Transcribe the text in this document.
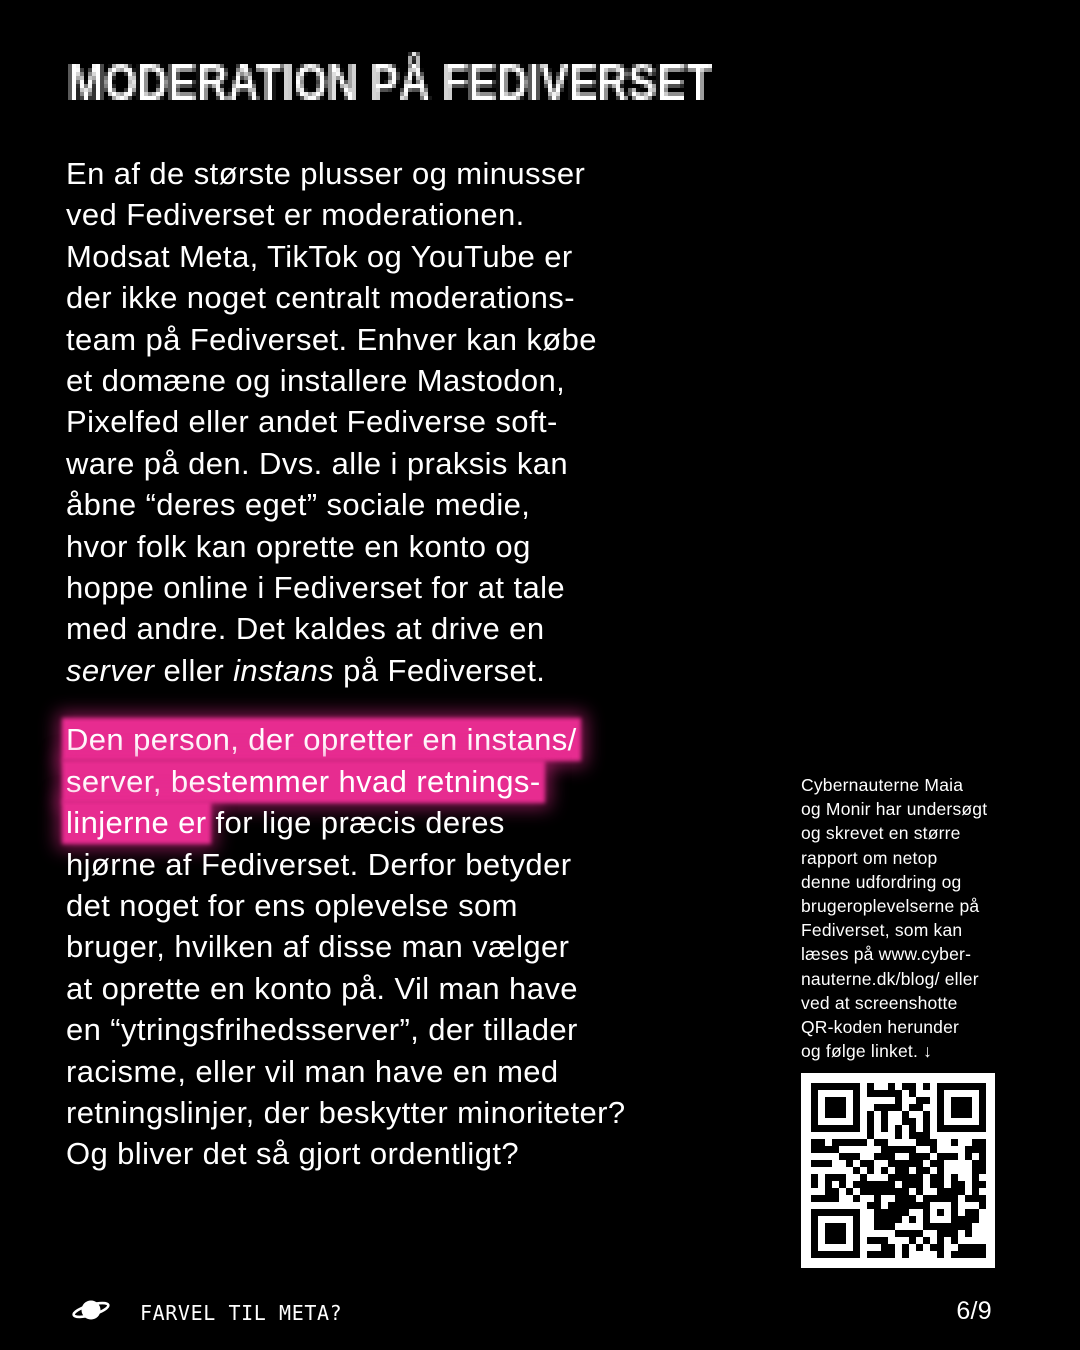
En af de største plusser og minusser
ved Fediverset er moderationen.
Modsat Meta, TikTok og YouTube er
der ikke noget centralt moderations-
team på Fediverset. Enhver kan købe
et domæne og installere Mastodon,
Pixelfed eller andet Fediverse soft-
ware på den. Dvs. alle i praksis kan
åbne “deres eget” sociale medie,
hvor folk kan oprette en konto og
hoppe online i Fediverset for at tale
med andre. Det kaldes at drive en
server eller instans på Fediverset.
Den person, der opretter en instans/
server, bestemmer hvad retnings-
linjerne er for lige præcis deres
hjørne af Fediverset. Derfor betyder
det noget for ens oplevelse som
bruger, hvilken af disse man vælger
at oprette en konto på. Vil man have
en “ytringsfrihedsserver”, der tillader
racisme, eller vil man have en med
retningslinjer, der beskytter minoriteter?
Og bliver det så gjort ordentligt?
Cybernauterne Maia
og Monir har undersøgt
og skrevet en større
rapport om netop
denne udfordring og
brugeroplevelserne på
Fediverset, som kan
læses på www.cyber-
nauterne.dk/blog/ eller
ved at screenshotte
QR-koden herunder
og følge linket. ↓
FARVEL TIL META?	6/9
